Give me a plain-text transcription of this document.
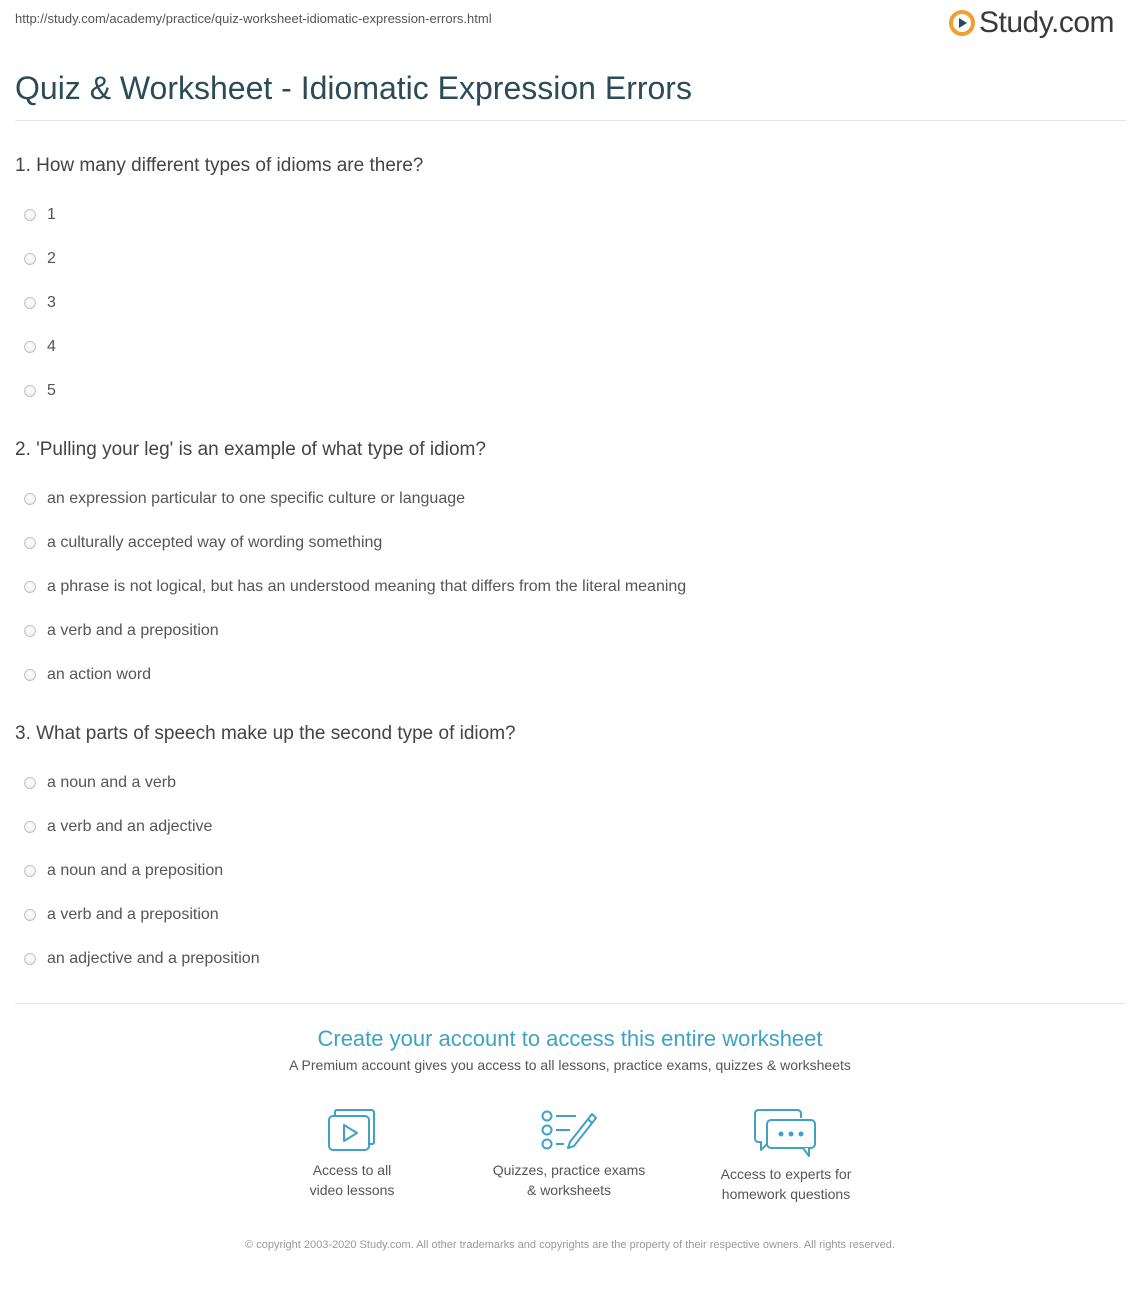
http://study.com/academy/practice/quiz-worksheet-idiomatic-expression-errors.html	Study.com
Quiz & Worksheet - Idiomatic Expression Errors
1. How many different types of idioms are there?
1
2
3
4
5
2. 'Pulling your leg' is an example of what type of idiom?
an expression particular to one specific culture or language
a culturally accepted way of wording something
a phrase is not logical, but has an understood meaning that differs from the literal meaning
a verb and a preposition
an action word
3. What parts of speech make up the second type of idiom?
a noun and a verb
a verb and an adjective
a noun and a preposition
a verb and a preposition
an adjective and a preposition
Create your account to access this entire worksheet
A Premium account gives you access to all lessons, practice exams, quizzes & worksheets
Access to all
video lessons
Quizzes, practice exams
& worksheets
Access to experts for
homework questions
© copyright 2003-2020 Study.com. All other trademarks and copyrights are the property of their respective owners. All rights reserved.
